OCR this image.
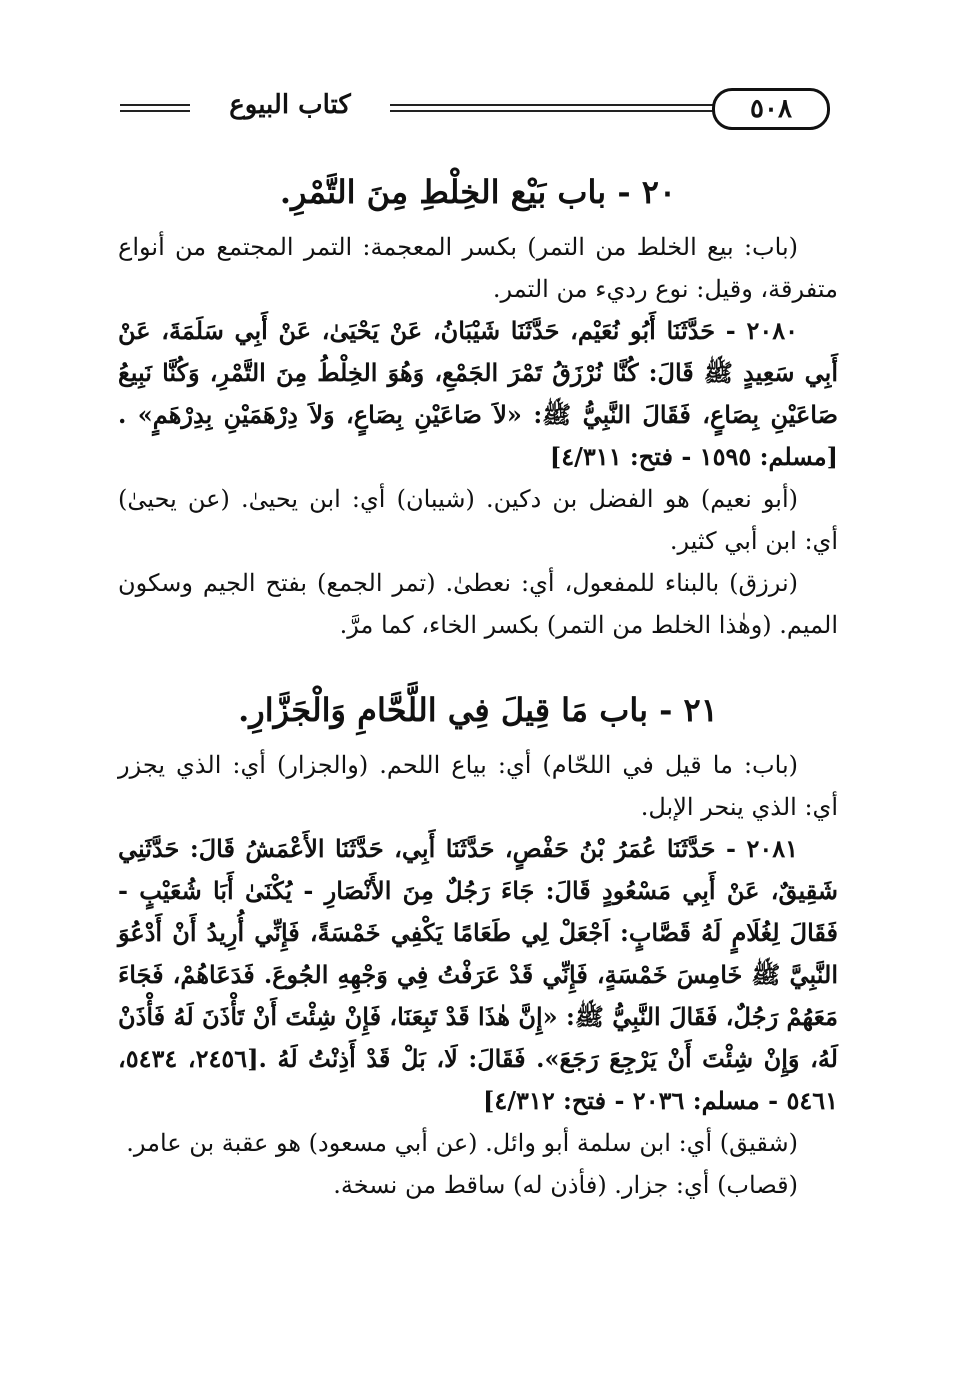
كتاب البيوع	٥٠٨
٢٠ - باب بَيْع الخِلْطِ مِنَ التَّمْرِ.

(باب: بيع الخلط من التمر) بكسر المعجمة: التمر المجتمع من أنواع متفرقة، وقيل: نوع رديء من التمر.

٢٠٨٠ - حَدَّثَنَا أَبُو نُعَيْم، حَدَّثَنَا شَيْبَانُ، عَنْ يَحْيَىٰ، عَنْ أَبِي سَلَمَةَ، عَنْ أَبِي سَعِيدٍ ﷺ قَالَ: كُنَّا نُرْزَقُ تَمْرَ الجَمْعِ، وَهُوَ الخِلْطُ مِنَ التَّمْرِ، وَكُنَّا نَبِيعُ صَاعَيْنِ بِصَاعٍ، فَقَالَ النَّبِيُّ ﷺ: «لاَ صَاعَيْنِ بِصَاعٍ، وَلاَ دِرْهَمَيْنِ بِدِرْهَمٍ» . [مسلم: ١٥٩٥ - فتح: ٤/٣١١]

(أبو نعيم) هو الفضل بن دكين. (شيبان) أي: ابن يحيىٰ. (عن يحيىٰ) أي: ابن أبي كثير.

(نرزق) بالبناء للمفعول، أي: نعطىٰ. (تمر الجمع) بفتح الجيم وسكون الميم. (وهٰذا الخلط من التمر) بكسر الخاء، كما مرَّ.

٢١ - باب مَا قِيلَ فِي اللَّحَّامِ وَالْجَزَّارِ.

(باب: ما قيل في اللحّام) أي: بياع اللحم. (والجزار) أي: الذي يجزر أي: الذي ينحر الإبل.

٢٠٨١ - حَدَّثَنَا عُمَرُ بْنُ حَفْصٍ، حَدَّثَنَا أَبِي، حَدَّثَنَا الأَعْمَشُ قَالَ: حَدَّثَنِي شَقِيقٌ، عَنْ أَبِي مَسْعُودٍ قَالَ: جَاءَ رَجُلٌ مِنَ الأَنْصَارِ - يُكْنَىٰ أَبَا شُعَيْبٍ - فَقَالَ لِغُلَامٍ لَهُ قَصَّابٍ: اَجْعَلْ لِي طَعَامًا يَكْفِي خَمْسَةً، فَإِنِّي أُرِيدُ أَنْ أَدْعُوَ النَّبِيَّ ﷺ خَامِسَ خَمْسَةٍ، فَإِنِّي قَدْ عَرَفْتُ فِي وَجْهِهِ الجُوعَ. فَدَعَاهُمْ، فَجَاءَ مَعَهُمْ رَجُلٌ، فَقَالَ النَّبِيُّ ﷺ: «إِنَّ هٰذَا قَدْ تَبِعَنَا، فَإِنْ شِئْتَ أَنْ تَأْذَنَ لَهُ فَأْذَنْ لَهُ، وَإِنْ شِئْتَ أَنْ يَرْجِعَ رَجَعَ». فَقَالَ: لَا، بَلْ قَدْ أَذِنْتُ لَهُ .[٢٤٥٦، ٥٤٣٤، ٥٤٦١ - مسلم: ٢٠٣٦ - فتح: ٤/٣١٢]

(شقيق) أي: ابن سلمة أبو وائل. (عن أبي مسعود) هو عقبة بن عامر.

(قصاب) أي: جزار. (فأذن له) ساقط من نسخة.
